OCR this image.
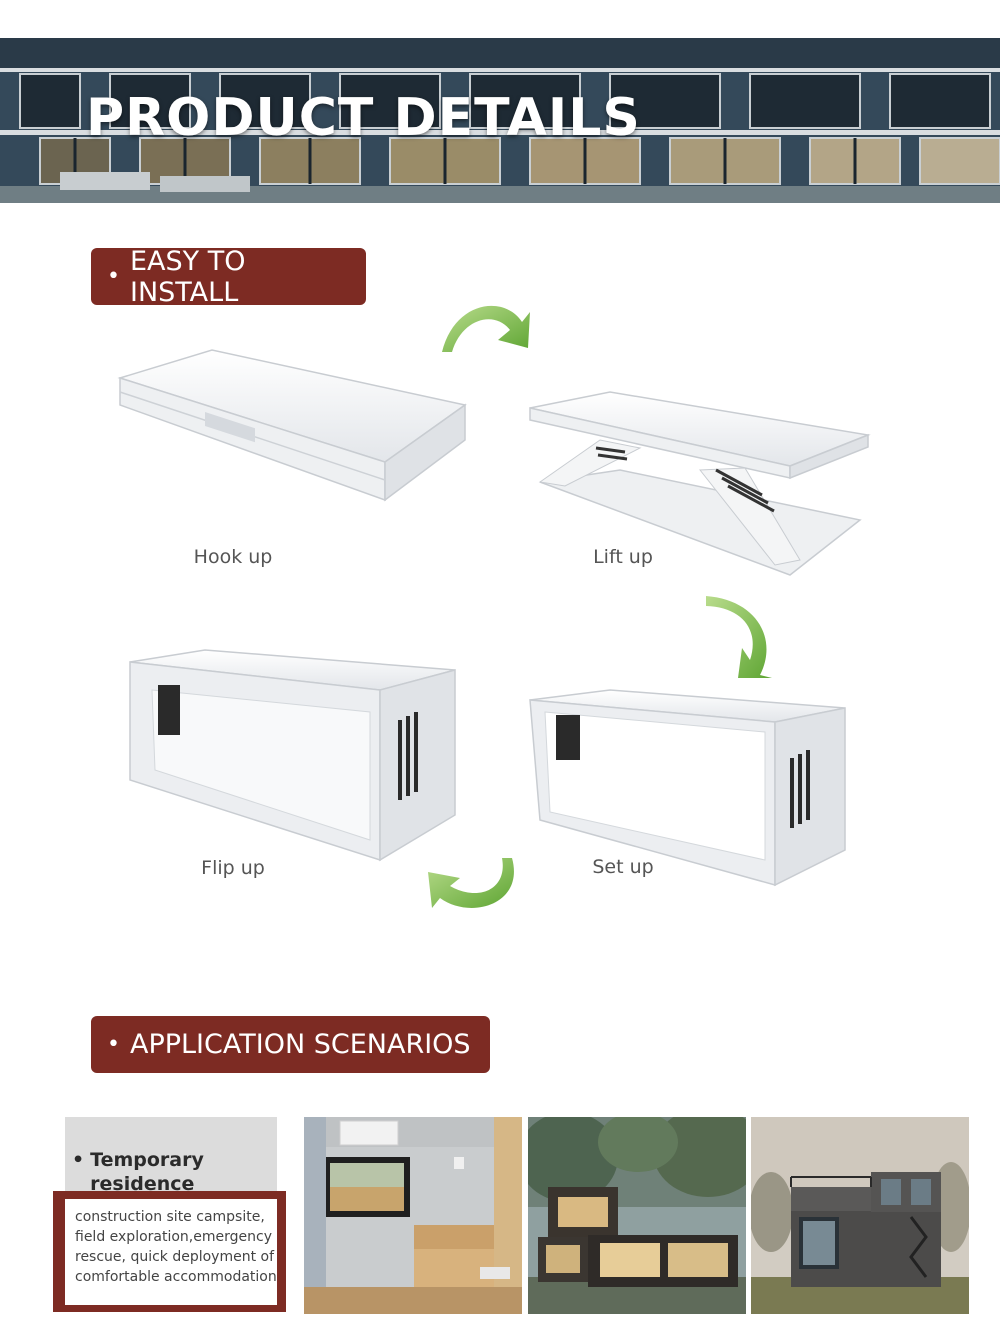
PRODUCT DETAILS
• EASY TO INSTALL
Hook up	Lift up
Flip up	Set up
• APPLICATION SCENARIOS
• Temporary residence
construction site campsite, field exploration,emergency rescue, quick deployment of comfortable accommodation
